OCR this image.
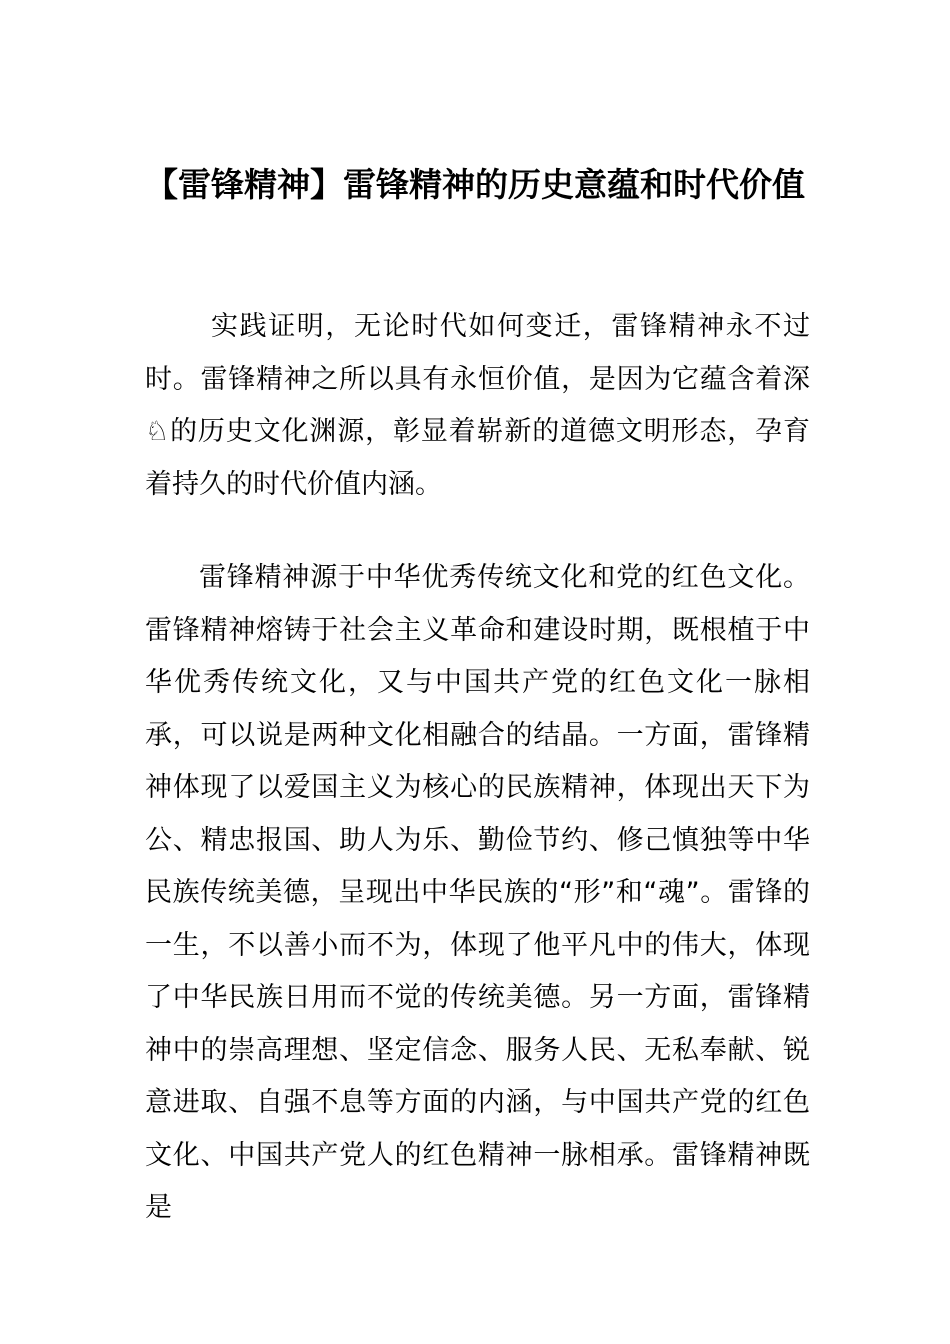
【雷锋精神】雷锋精神的历史意蕴和时代价值

实践证明，无论时代如何变迁，雷锋精神永不过时。雷锋精神之所以具有永恒价值，是因为它蕴含着深♘的历史文化渊源，彰显着崭新的道德文明形态，孕育着持久的时代价值内涵。

雷锋精神源于中华优秀传统文化和党的红色文化。雷锋精神熔铸于社会主义革命和建设时期，既根植于中华优秀传统文化，又与中国共产党的红色文化一脉相承，可以说是两种文化相融合的结晶。一方面，雷锋精神体现了以爱国主义为核心的民族精神，体现出天下为公、精忠报国、助人为乐、勤俭节约、修己慎独等中华民族传统美德，呈现出中华民族的“形”和“魂”。雷锋的一生，不以善小而不为，体现了他平凡中的伟大，体现了中华民族日用而不觉的传统美德。另一方面，雷锋精神中的崇高理想、坚定信念、服务人民、无私奉献、锐意进取、自强不息等方面的内涵，与中国共产党的红色文化、中国共产党人的红色精神一脉相承。雷锋精神既是
